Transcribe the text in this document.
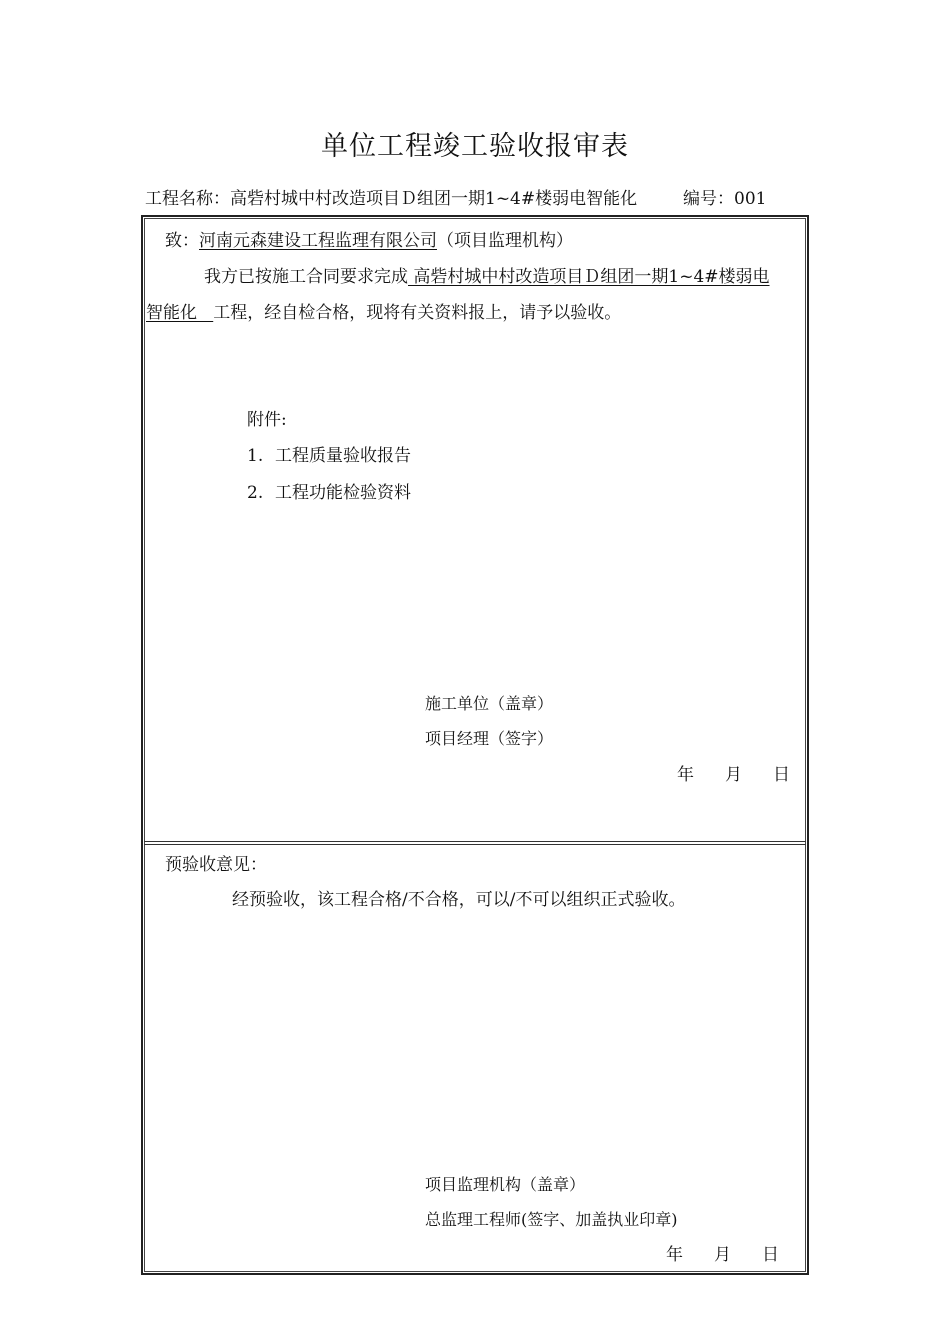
单位工程竣工验收报审表
工程名称：高砦村城中村改造项目Ｄ组团一期1~4#楼弱电智能化	编号：001
致：河南元森建设工程监理有限公司（项目监理机构）
我方已按施工合同要求完成 高砦村城中村改造项目Ｄ组团一期1~4#楼弱电
智能化   工程，经自检合格，现将有关资料报上，请予以验收。
附件:
1. 工程质量验收报告
2. 工程功能检验资料
施工单位（盖章）
项目经理（签字）
年 月 日
预验收意见：
经预验收，该工程合格/不合格，可以/不可以组织正式验收。
项目监理机构（盖章）
总监理工程师(签字、加盖执业印章)
年 月 日
